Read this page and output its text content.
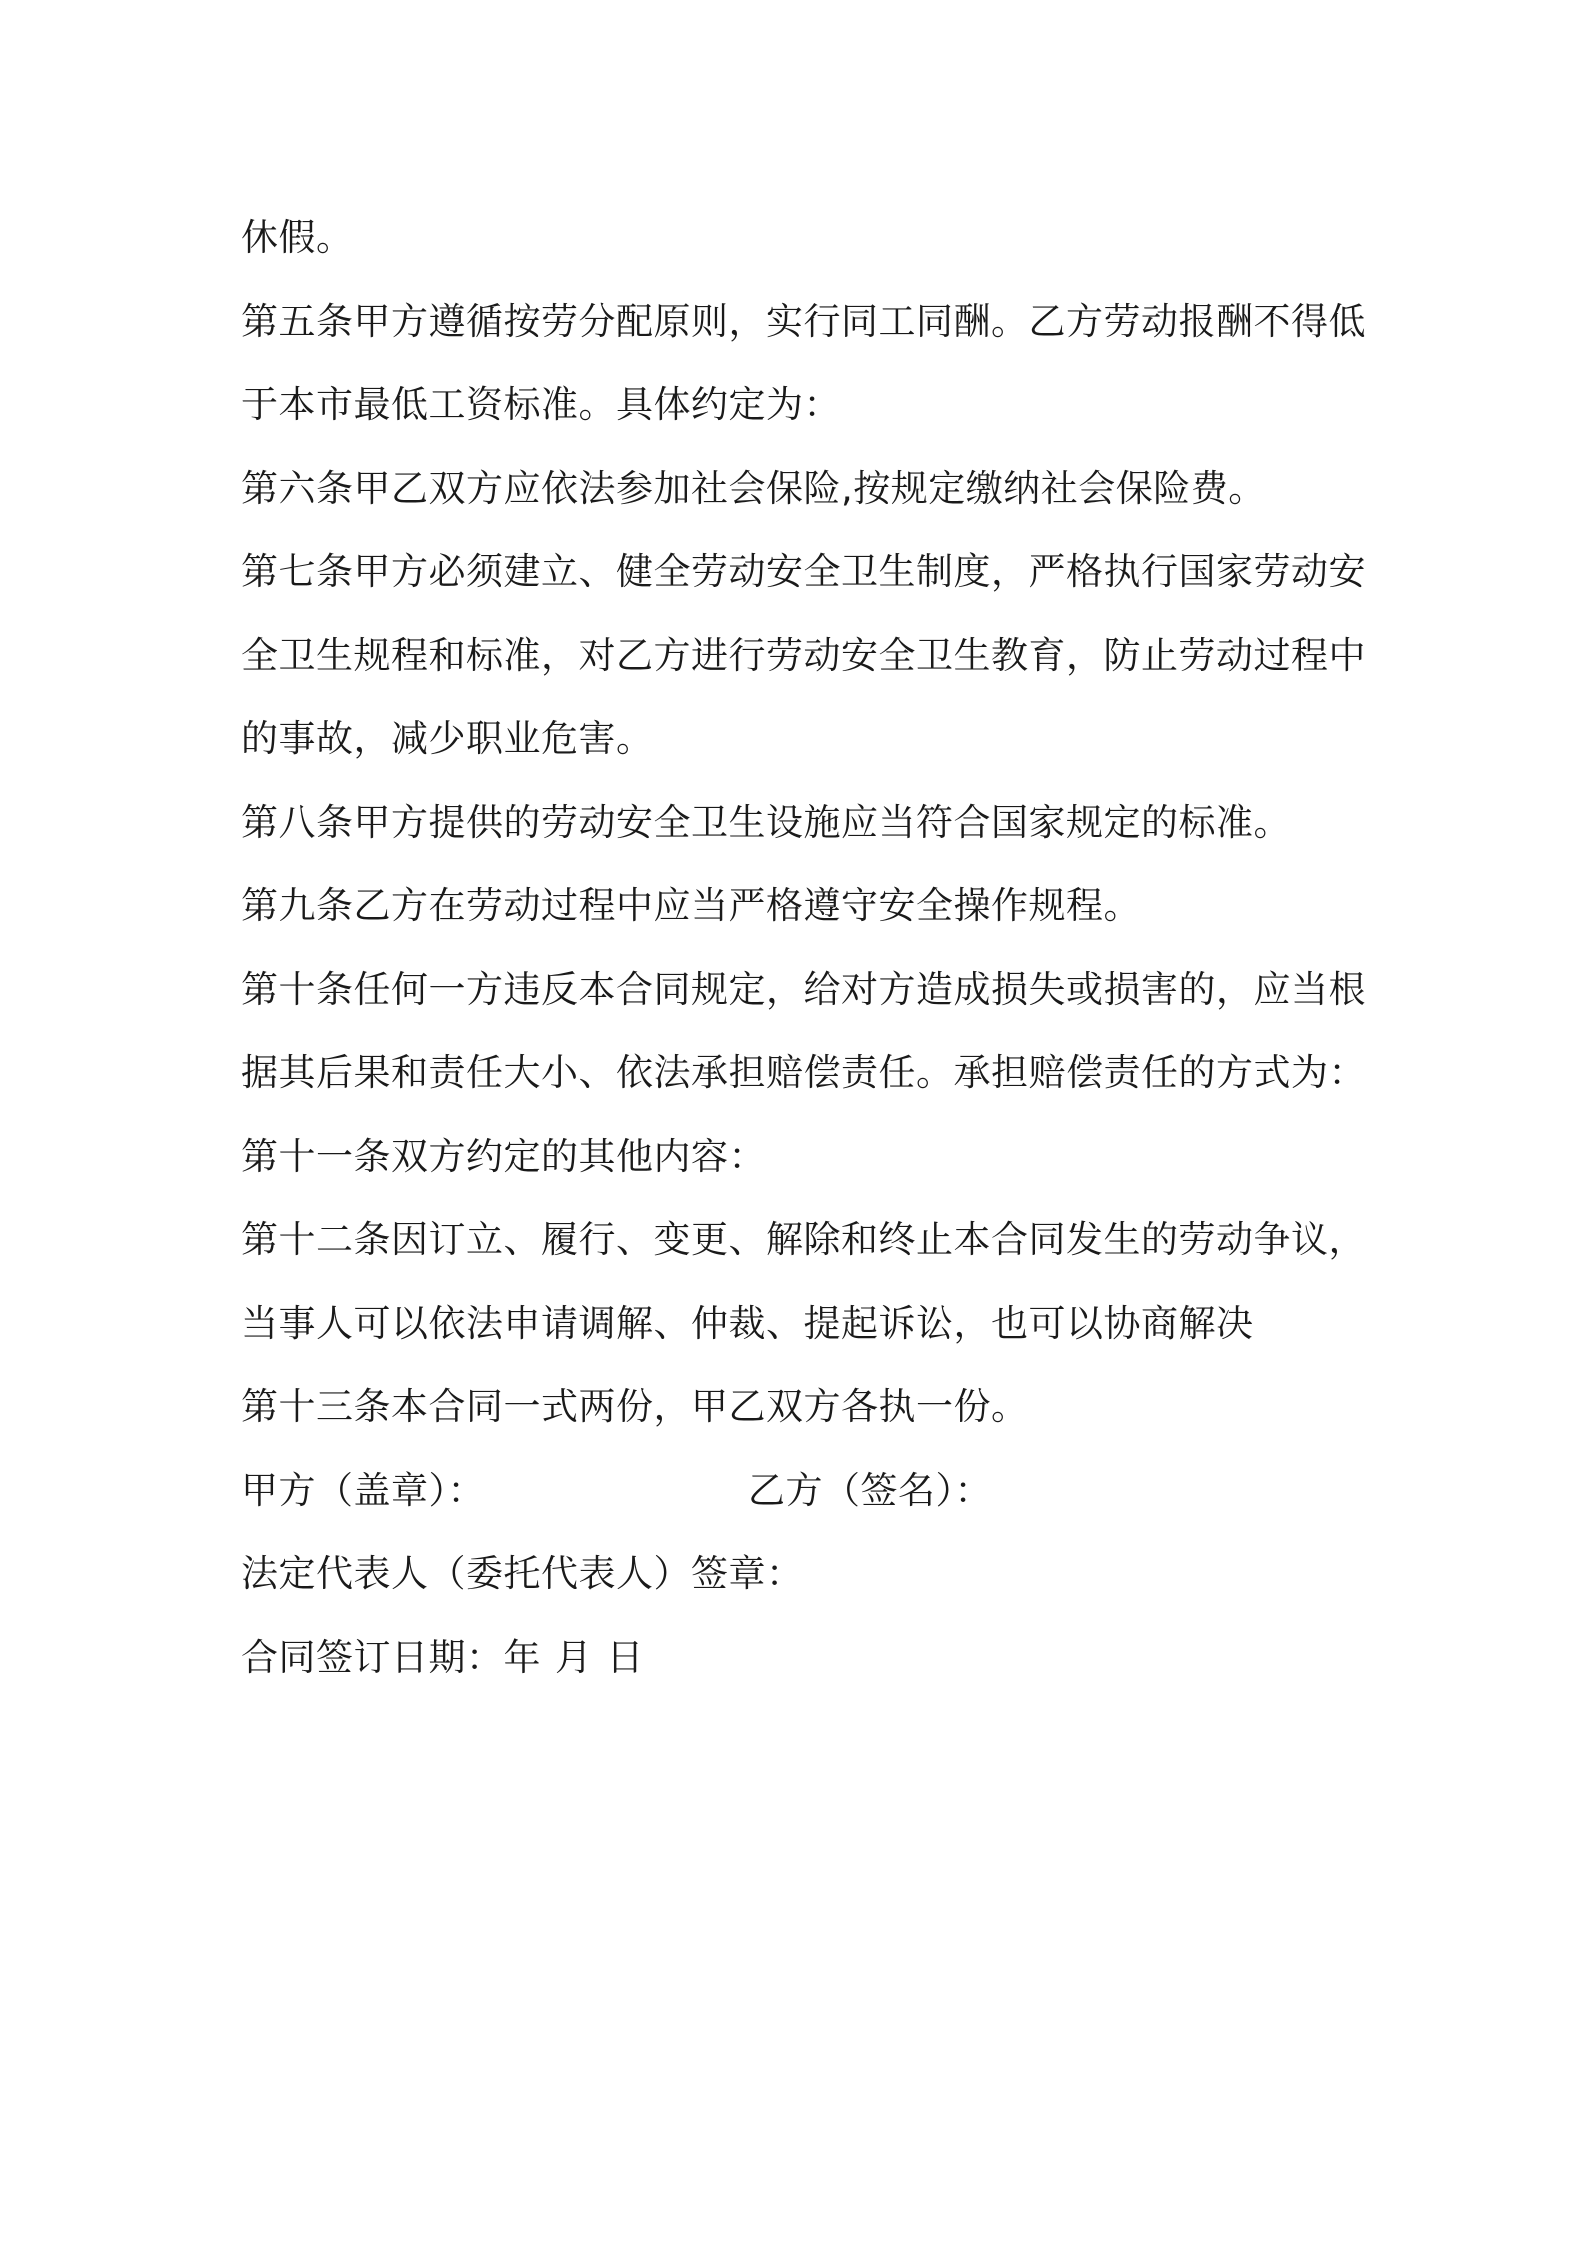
休假。
第五条甲方遵循按劳分配原则，实行同工同酬。乙方劳动报酬不得低
于本市最低工资标准。具体约定为：
第六条甲乙双方应依法参加社会保险,按规定缴纳社会保险费。
第七条甲方必须建立、健全劳动安全卫生制度，严格执行国家劳动安
全卫生规程和标准，对乙方进行劳动安全卫生教育，防止劳动过程中
的事故，减少职业危害。
第八条甲方提供的劳动安全卫生设施应当符合国家规定的标准。
第九条乙方在劳动过程中应当严格遵守安全操作规程。
第十条任何一方违反本合同规定，给对方造成损失或损害的，应当根
据其后果和责任大小、依法承担赔偿责任。承担赔偿责任的方式为：
第十一条双方约定的其他内容：
第十二条因订立、履行、变更、解除和终止本合同发生的劳动争议，
当事人可以依法申请调解、仲裁、提起诉讼，也可以协商解决
第十三条本合同一式两份，甲乙双方各执一份。
甲方（盖章）：	乙方（签名）：
法定代表人（委托代表人）签章：
合同签订日期：年 月 日
